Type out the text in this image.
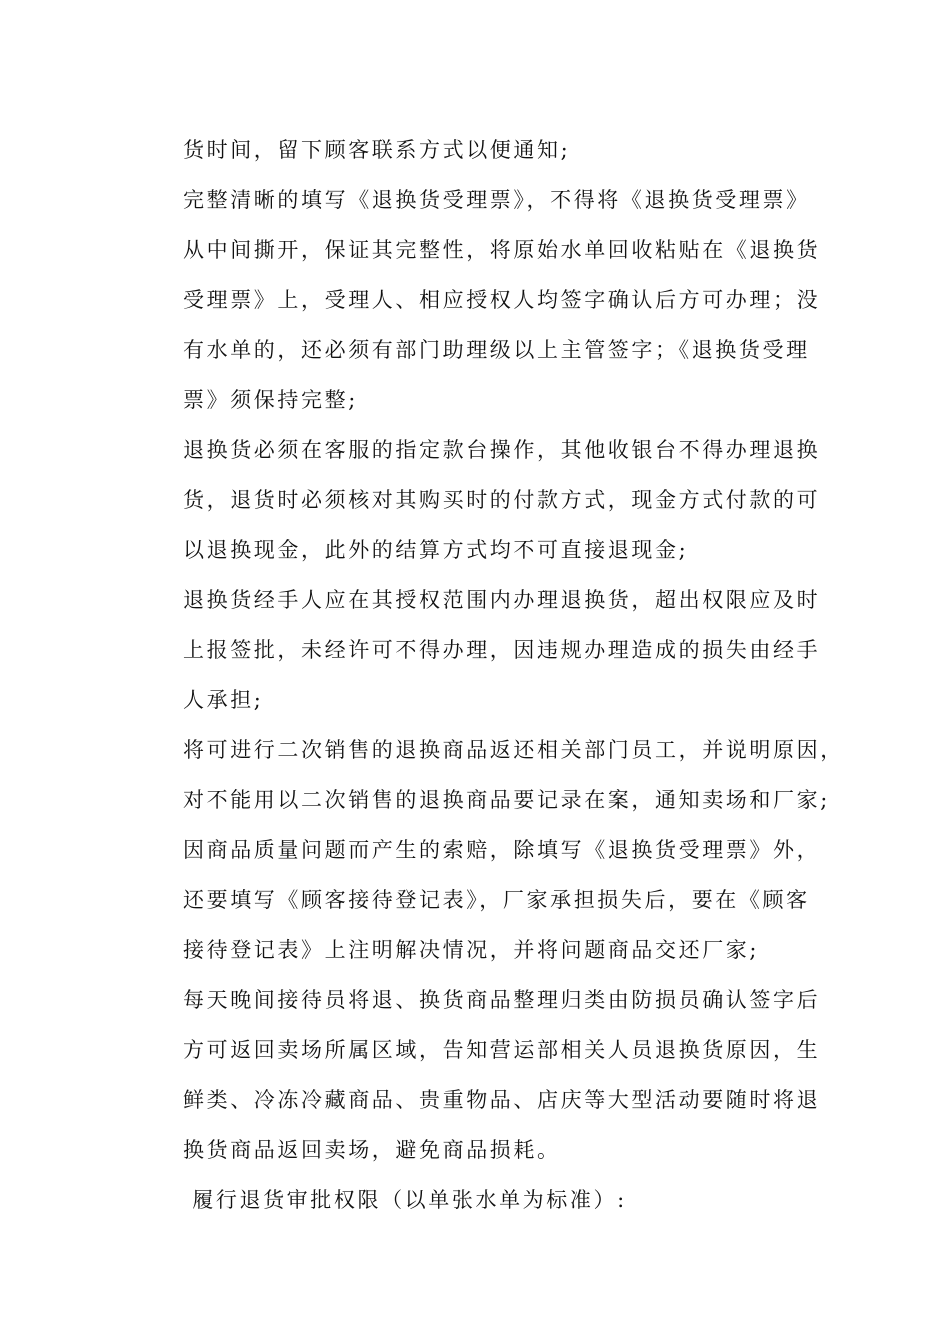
货时间，留下顾客联系方式以便通知;
完整清晰的填写《退换货受理票》，不得将《退换货受理票》
从中间撕开，保证其完整性，将原始水单回收粘贴在《退换货
受理票》上，受理人、相应授权人均签字确认后方可办理；没
有水单的，还必须有部门助理级以上主管签字；《退换货受理
票》须保持完整;
退换货必须在客服的指定款台操作，其他收银台不得办理退换
货，退货时必须核对其购买时的付款方式，现金方式付款的可
以退换现金，此外的结算方式均不可直接退现金;
退换货经手人应在其授权范围内办理退换货，超出权限应及时
上报签批，未经许可不得办理，因违规办理造成的损失由经手
人承担;
将可进行二次销售的退换商品返还相关部门员工，并说明原因，
对不能用以二次销售的退换商品要记录在案，通知卖场和厂家;
因商品质量问题而产生的索赔，除填写《退换货受理票》外，
还要填写《顾客接待登记表》，厂家承担损失后，要在《顾客
接待登记表》上注明解决情况，并将问题商品交还厂家;
每天晚间接待员将退、换货商品整理归类由防损员确认签字后
方可返回卖场所属区域，告知营运部相关人员退换货原因，生
鲜类、冷冻冷藏商品、贵重物品、店庆等大型活动要随时将退
换货商品返回卖场，避免商品损耗。
履行退货审批权限（以单张水单为标准）:
